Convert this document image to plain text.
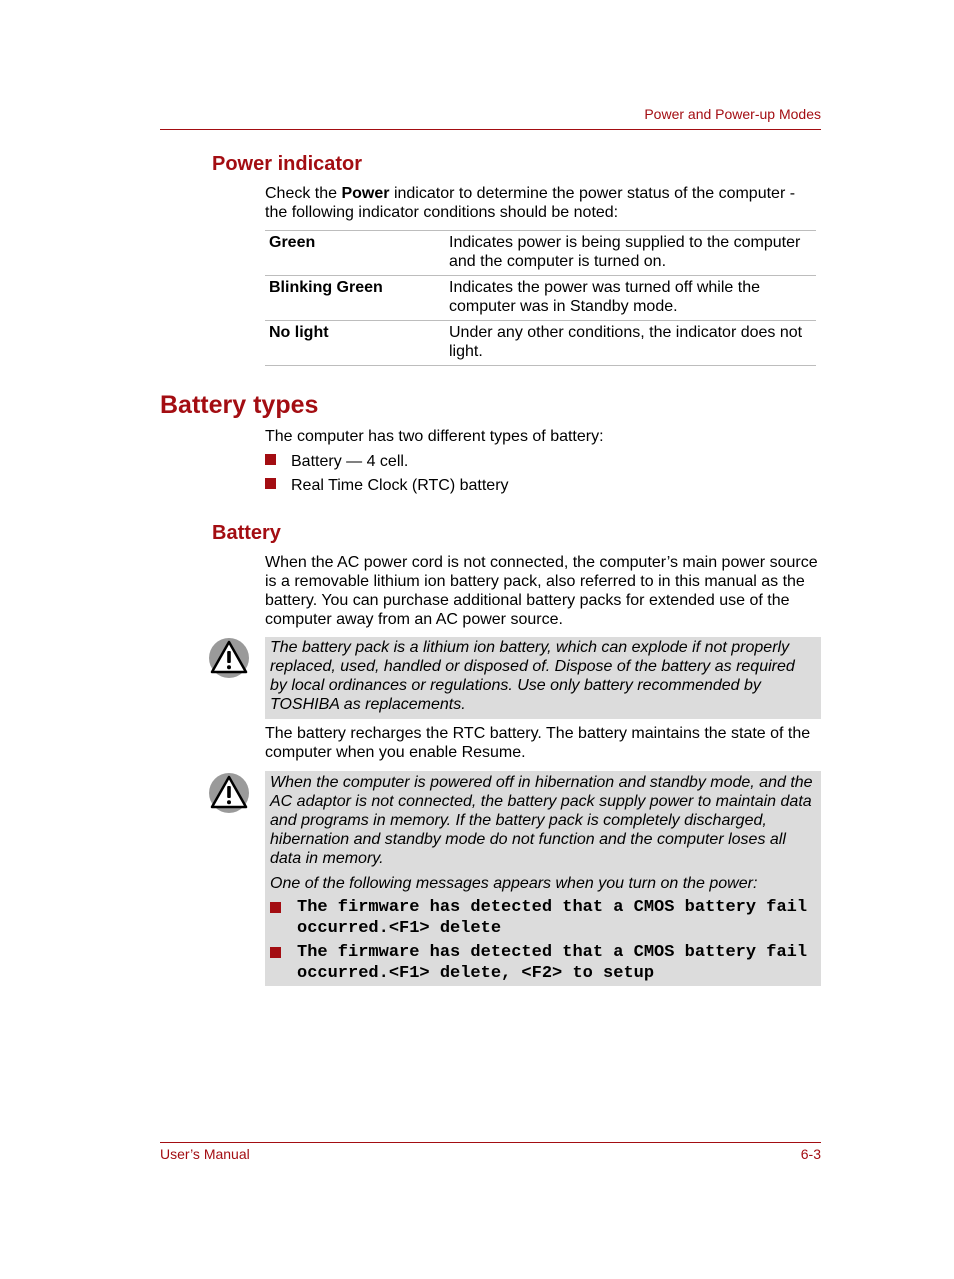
Power and Power-up Modes
Power indicator
Check the Power indicator to determine the power status of the computer - the following indicator conditions should be noted:
Green	Indicates power is being supplied to the computer and the computer is turned on.
Blinking Green	Indicates the power was turned off while the computer was in Standby mode.
No light	Under any other conditions, the indicator does not light.
Battery types
The computer has two different types of battery:
Battery — 4 cell.
Real Time Clock (RTC) battery
Battery
When the AC power cord is not connected, the computer’s main power source is a removable lithium ion battery pack, also referred to in this manual as the battery. You can purchase additional battery packs for extended use of the computer away from an AC power source.
The battery pack is a lithium ion battery, which can explode if not properly replaced, used, handled or disposed of. Dispose of the battery as required by local ordinances or regulations. Use only battery recommended by TOSHIBA as replacements.
The battery recharges the RTC battery. The battery maintains the state of the computer when you enable Resume.
When the computer is powered off in hibernation and standby mode, and the AC adaptor is not connected, the battery pack supply power to maintain data and programs in memory. If the battery pack is completely discharged, hibernation and standby mode do not function and the computer loses all data in memory.
One of the following messages appears when you turn on the power:
The firmware has detected that a CMOS battery fail occurred.<F1> delete
The firmware has detected that a CMOS battery fail occurred.<F1> delete, <F2> to setup
User’s Manual	6-3
